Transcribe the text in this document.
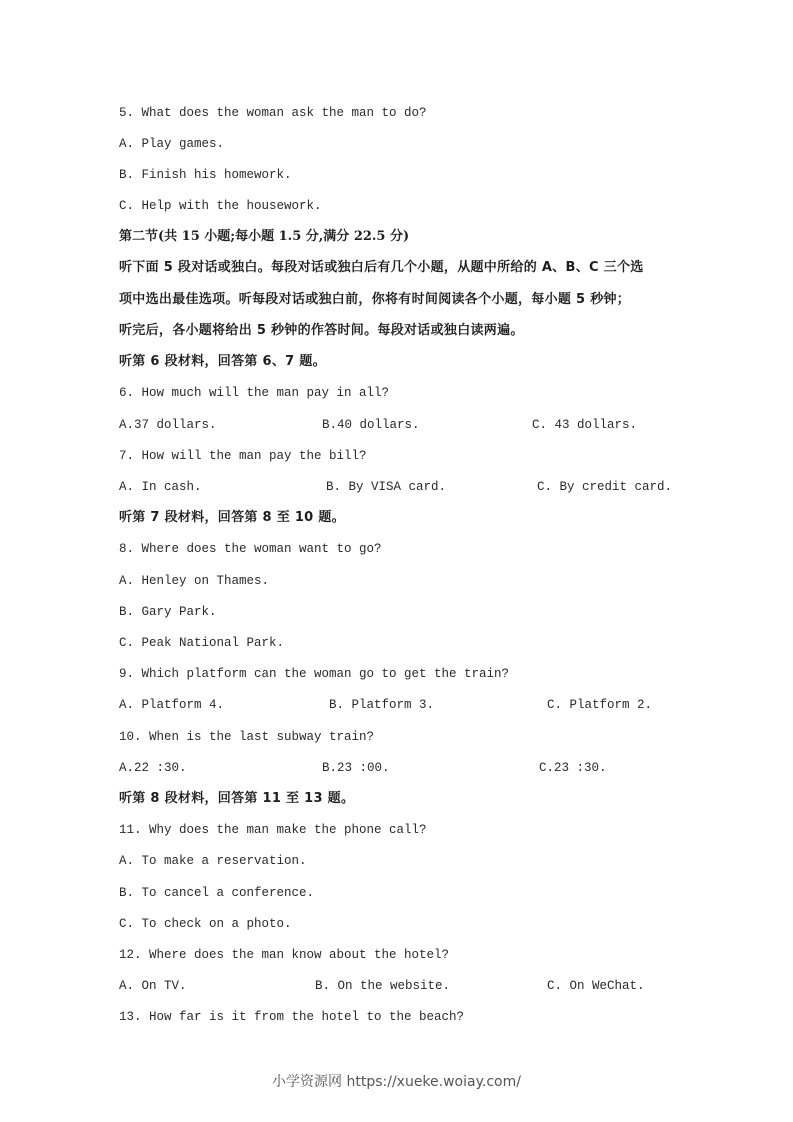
5. What does the woman ask the man to do?
A. Play games.
B. Finish his homework.
C. Help with the housework.
第二节(共 15 小题;每小题 1.5 分,满分 22.5 分)
听下面 5 段对话或独白。每段对话或独白后有几个小题，从题中所给的 A、B、C 三个选
项中选出最佳选项。听每段对话或独白前，你将有时间阅读各个小题，每小题 5 秒钟；
听完后，各小题将给出 5 秒钟的作答时间。每段对话或独白读两遍。
听第 6 段材料，回答第 6、7 题。
6. How much will the man pay in all?
A.37 dollars.	B.40 dollars.	C. 43 dollars.
7. How will the man pay the bill?
A. In cash.	B. By VISA card.	C. By credit card.
听第 7 段材料，回答第 8 至 10 题。
8. Where does the woman want to go?
A. Henley on Thames.
B. Gary Park.
C. Peak National Park.
9. Which platform can the woman go to get the train?
A. Platform 4.	B. Platform 3.	C. Platform 2.
10. When is the last subway train?
A.22 :30.	B.23 :00.	C.23 :30.
听第 8 段材料，回答第 11 至 13 题。
11. Why does the man make the phone call?
A. To make a reservation.
B. To cancel a conference.
C. To check on a photo.
12. Where does the man know about the hotel?
A. On TV.	B. On the website.	C. On WeChat.
13. How far is it from the hotel to the beach?
小学资源网 https://xueke.woiay.com/
